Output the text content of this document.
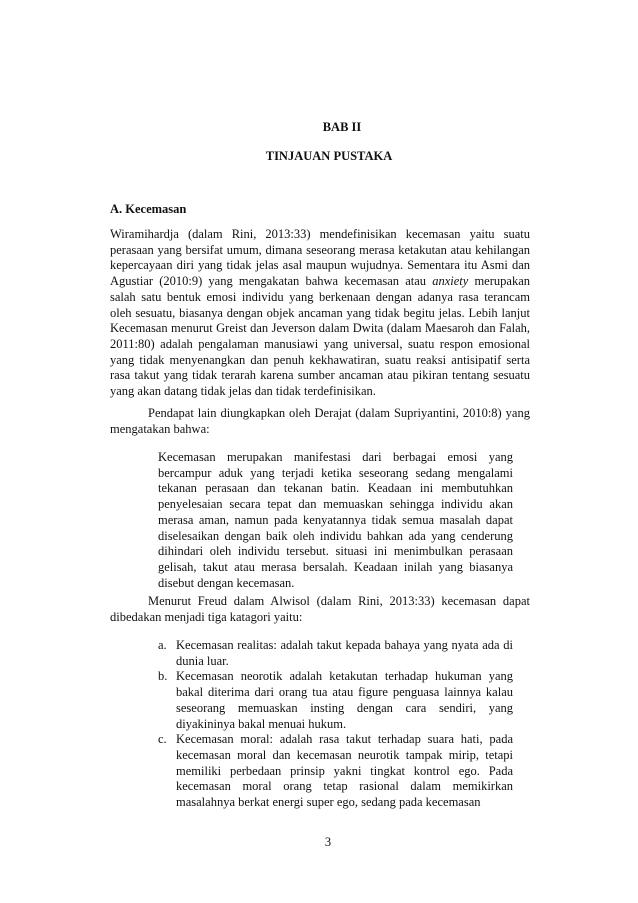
BAB II
TINJAUAN PUSTAKA
A. Kecemasan

Wiramihardja (dalam Rini, 2013:33) mendefinisikan kecemasan yaitu suatu perasaan yang bersifat umum, dimana seseorang merasa ketakutan atau kehilangan kepercayaan diri yang tidak jelas asal maupun wujudnya. Sementara itu Asmi dan Agustiar (2010:9) yang mengakatan bahwa kecemasan atau anxiety merupakan salah satu bentuk emosi individu yang berkenaan dengan adanya rasa terancam oleh sesuatu, biasanya dengan objek ancaman yang tidak begitu jelas. Lebih lanjut Kecemasan menurut Greist dan Jeverson dalam Dwita (dalam Maesaroh dan Falah, 2011:80) adalah pengalaman manusiawi yang universal, suatu respon emosional yang tidak menyenangkan dan penuh kekhawatiran, suatu reaksi antisipatif serta rasa takut yang tidak terarah karena sumber ancaman atau pikiran tentang sesuatu yang akan datang tidak jelas dan tidak terdefinisikan.

Pendapat lain diungkapkan oleh Derajat (dalam Supriyantini, 2010:8) yang mengatakan bahwa:

Kecemasan merupakan manifestasi dari berbagai emosi yang bercampur aduk yang terjadi ketika seseorang sedang mengalami tekanan perasaan dan tekanan batin. Keadaan ini membutuhkan penyelesaian secara tepat dan memuaskan sehingga individu akan merasa aman, namun pada kenyatannya tidak semua masalah dapat diselesaikan dengan baik oleh individu bahkan ada yang cenderung dihindari oleh individu tersebut. situasi ini menimbulkan perasaan gelisah, takut atau merasa bersalah. Keadaan inilah yang biasanya disebut dengan kecemasan.

Menurut Freud dalam Alwisol (dalam Rini, 2013:33) kecemasan dapat dibedakan menjadi tiga katagori yaitu:

a. Kecemasan realitas: adalah takut kepada bahaya yang nyata ada di dunia luar.
b. Kecemasan neorotik adalah ketakutan terhadap hukuman yang bakal diterima dari orang tua atau figure penguasa lainnya kalau seseorang memuaskan insting dengan cara sendiri, yang diyakininya bakal menuai hukum.
c. Kecemasan moral: adalah rasa takut terhadap suara hati, pada kecemasan moral dan kecemasan neurotik tampak mirip, tetapi memiliki perbedaan prinsip yakni tingkat kontrol ego. Pada kecemasan moral orang tetap rasional dalam memikirkan masalahnya berkat energi super ego, sedang pada kecemasan
3
